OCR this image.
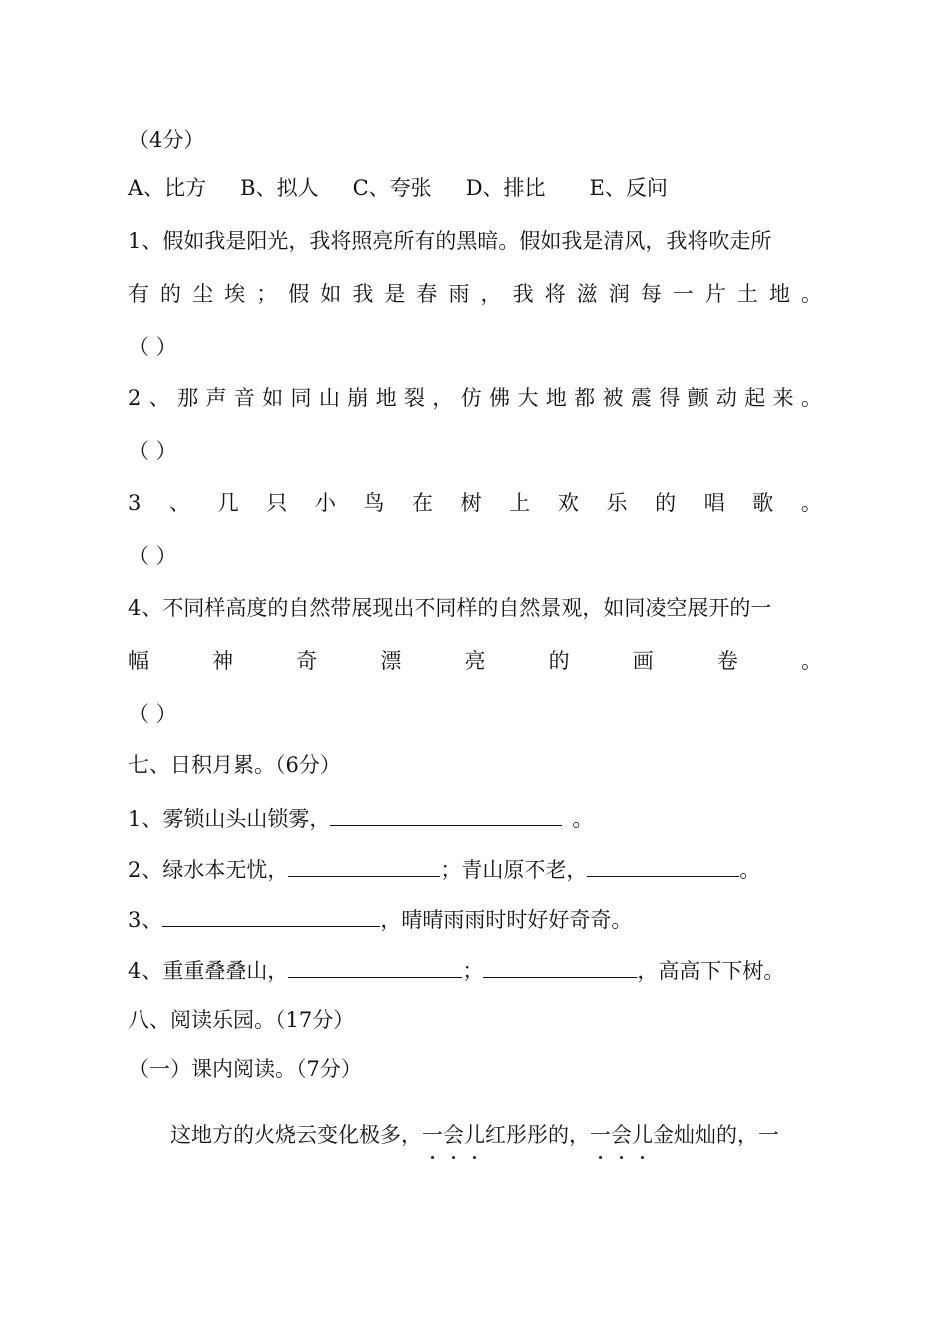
（4分）
A、比方 B、拟人 C、夸张 D、排比 E、反问
1、假如我是阳光，我将照亮所有的黑暗。假如我是清风，我将吹走所
有 的 尘 埃 ； 假 如 我 是 春 雨 ， 我 将 滋 润 每 一 片 土 地 。
（ ）
2 、 那 声 音 如 同 山 崩 地 裂 ， 仿 佛 大 地 都 被 震 得 颤 动 起 来 。
（ ）
3 、 几 只 小 鸟 在 树 上 欢 乐 的 唱 歌 。
（ ）
4、不同样高度的自然带展现出不同样的自然景观，如同凌空展开的一
幅	神	奇	漂	亮	的	画	卷	。
（ ）
七、日积月累。（6分）
1、雾锁山头山锁雾，	。
2、绿水本无忧，	；青山原不老，	。
3、	，晴晴雨雨时时好好奇奇。
4、重重叠叠山，	；	，高高下下树。
八、阅读乐园。（17分）
（一）课内阅读。（7分）
这地方的火烧云变化极多，一会儿红彤彤的，一会儿金灿灿的，一
